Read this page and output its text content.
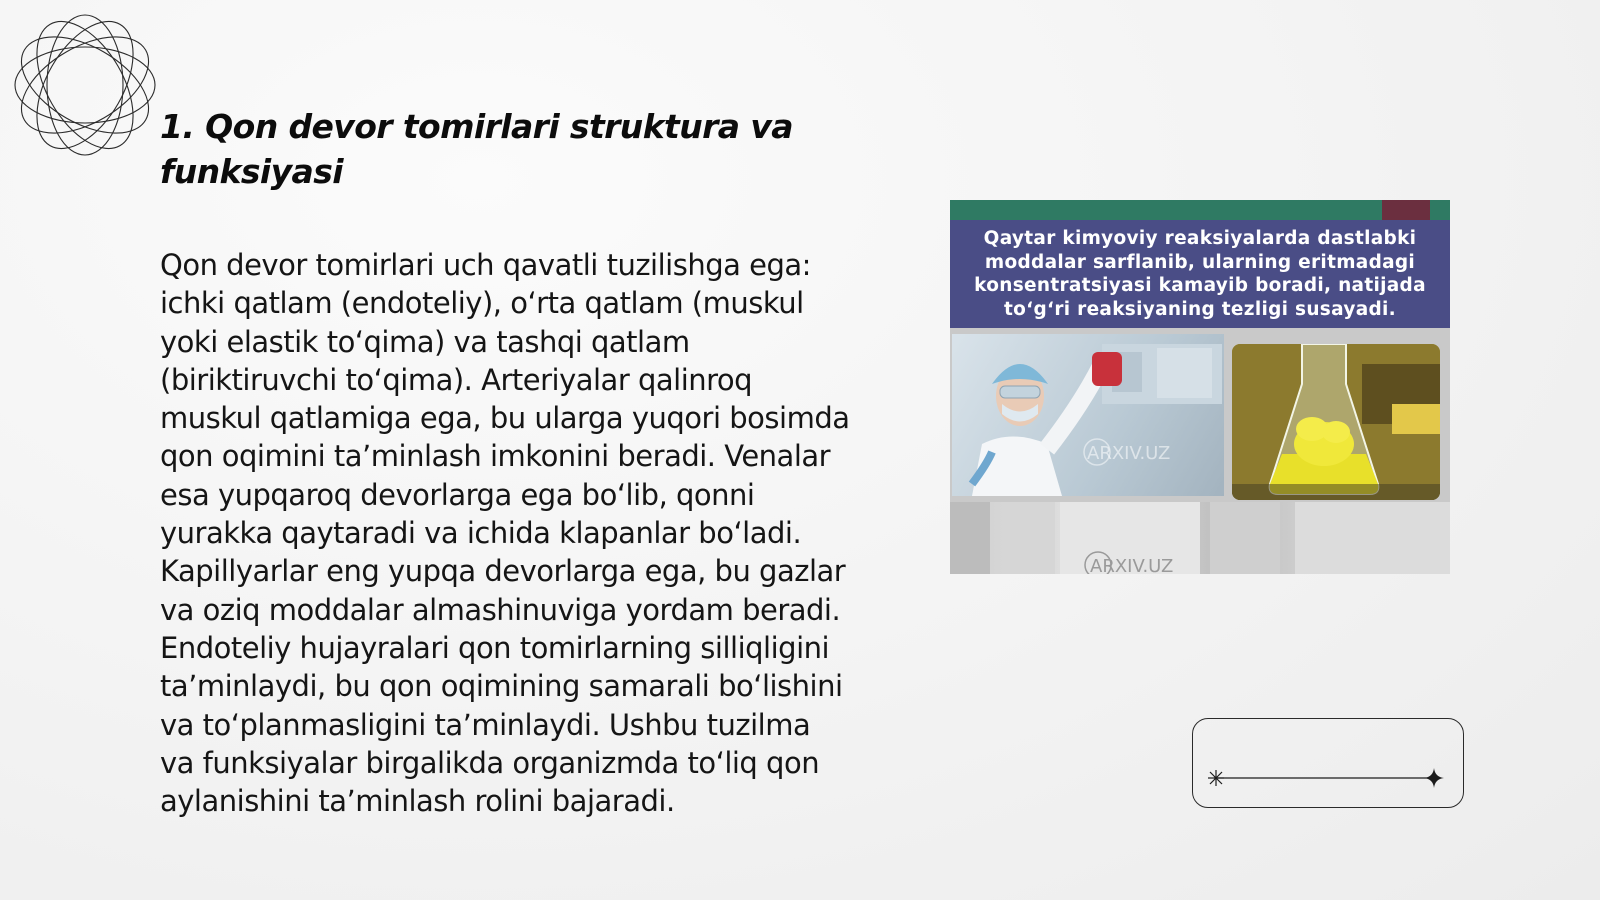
1. Qon devor tomirlari struktura va funksiyasi

Qon devor tomirlari uch qavatli tuzilishga ega: ichki qatlam (endoteliy), o‘rta qatlam (muskul yoki elastik to‘qima) va tashqi qatlam (biriktiruvchi to‘qima). Arteriyalar qalinroq muskul qatlamiga ega, bu ularga yuqori bosimda qon oqimini ta’minlash imkonini beradi. Venalar esa yupqaroq devorlarga ega bo‘lib, qonni yurakka qaytaradi va ichida klapanlar bo‘ladi. Kapillyarlar eng yupqa devorlarga ega, bu gazlar va oziq moddalar almashinuviga yordam beradi. Endoteliy hujayralari qon tomirlarning silliqligini ta’minlaydi, bu qon oqimining samarali bo‘lishini va to‘planmasligini ta’minlaydi. Ushbu tuzilma va funksiyalar birgalikda organizmda to‘liq qon aylanishini ta’minlash rolini bajaradi.

Qaytar kimyoviy reaksiyalarda dastlabki moddalar sarflanib, ularning eritmadagi konsentratsiyasi kamayib boradi, natijada to‘g‘ri reaksiyaning tezligi susayadi.

ARXIV.UZ
ARXIV.UZ
